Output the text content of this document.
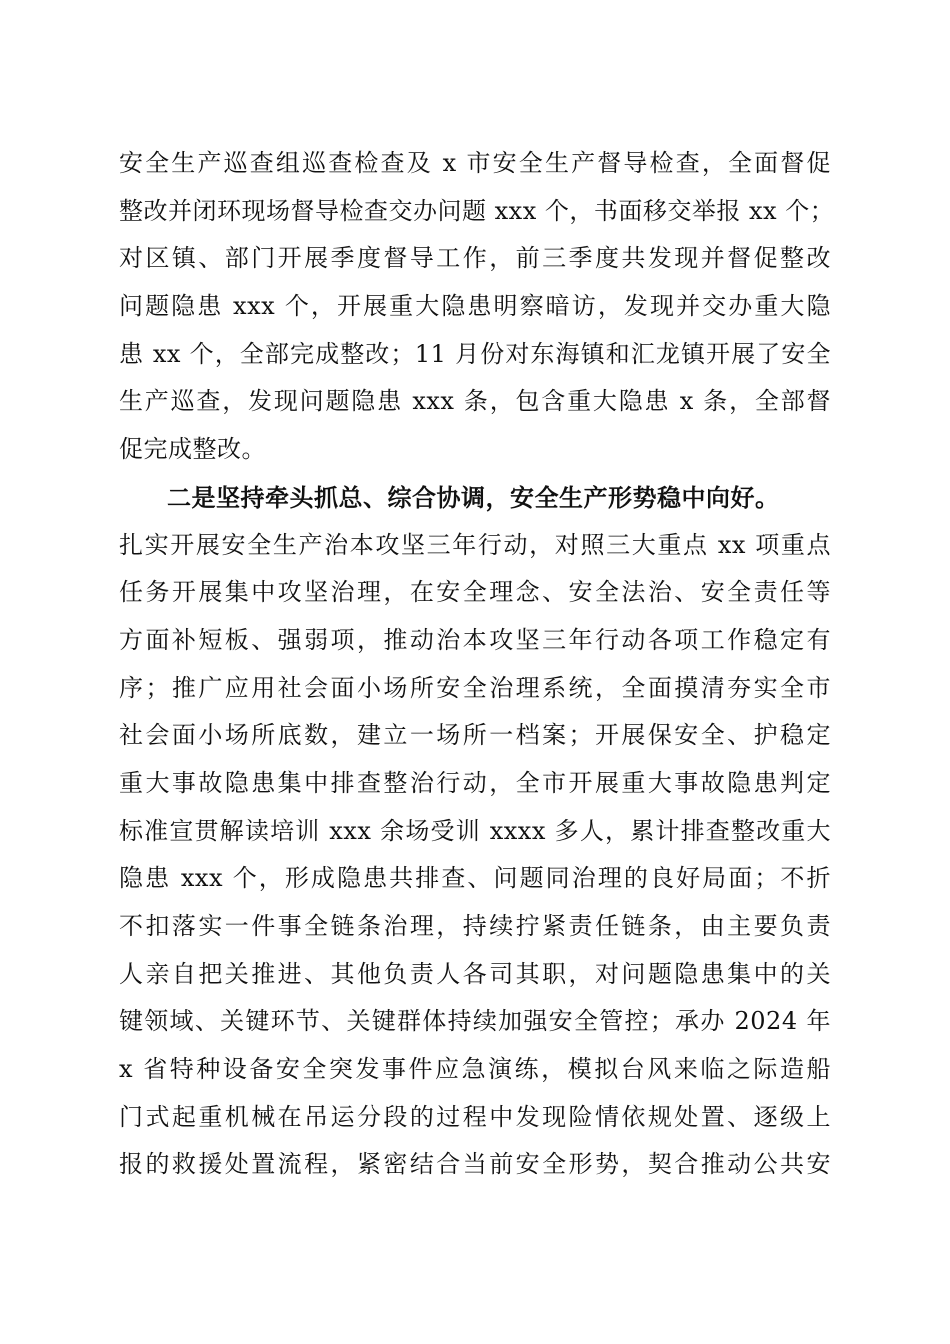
安全生产巡查组巡查检查及 x 市安全生产督导检查，全面督促
整改并闭环现场督导检查交办问题 xxx 个，书面移交举报 xx 个；
对区镇、部门开展季度督导工作，前三季度共发现并督促整改
问题隐患 xxx 个，开展重大隐患明察暗访，发现并交办重大隐
患 xx 个，全部完成整改；11 月份对东海镇和汇龙镇开展了安全
生产巡查，发现问题隐患 xxx 条，包含重大隐患 x 条，全部督
促完成整改。
二是坚持牵头抓总、综合协调，安全生产形势稳中向好。
扎实开展安全生产治本攻坚三年行动，对照三大重点 xx 项重点
任务开展集中攻坚治理，在安全理念、安全法治、安全责任等
方面补短板、强弱项，推动治本攻坚三年行动各项工作稳定有
序；推广应用社会面小场所安全治理系统，全面摸清夯实全市
社会面小场所底数，建立一场所一档案；开展保安全、护稳定
重大事故隐患集中排查整治行动，全市开展重大事故隐患判定
标准宣贯解读培训 xxx 余场受训 xxxx 多人，累计排查整改重大
隐患 xxx 个，形成隐患共排查、问题同治理的良好局面；不折
不扣落实一件事全链条治理，持续拧紧责任链条，由主要负责
人亲自把关推进、其他负责人各司其职，对问题隐患集中的关
键领域、关键环节、关键群体持续加强安全管控；承办 2024 年
x 省特种设备安全突发事件应急演练，模拟台风来临之际造船
门式起重机械在吊运分段的过程中发现险情依规处置、逐级上
报的救援处置流程，紧密结合当前安全形势，契合推动公共安
